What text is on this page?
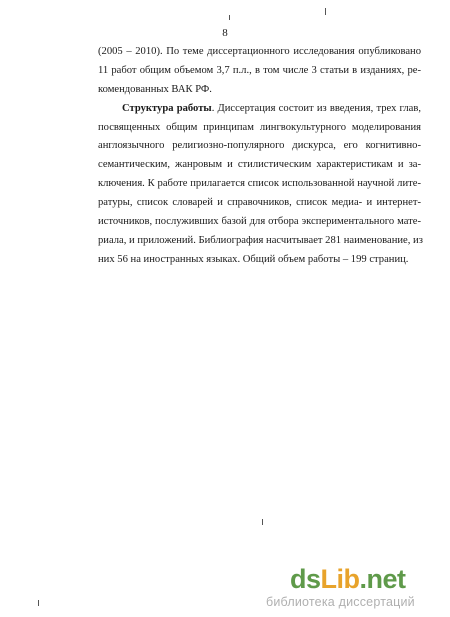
8
(2005 – 2010). По теме диссертационного исследования опубликовано
11 работ общим объемом 3,7 п.л., в том числе 3 статьи в изданиях, ре-
комендованных ВАК РФ.
Структура работы. Диссертация состоит из введения, трех глав,
посвященных общим принципам лингвокультурного моделирования
англоязычного религиозно-популярного дискурса, его когнитивно-
семантическим, жанровым и стилистическим характеристикам и за-
ключения. К работе прилагается список использованной научной лите-
ратуры, список словарей и справочников, список медиа- и интернет-
источников, послуживших базой для отбора экспериментального мате-
риала, и приложений. Библиография насчитывает 281 наименование, из
них 56 на иностранных языках. Общий объем работы – 199 страниц.
dsLib.net
библиотека диссертаций
